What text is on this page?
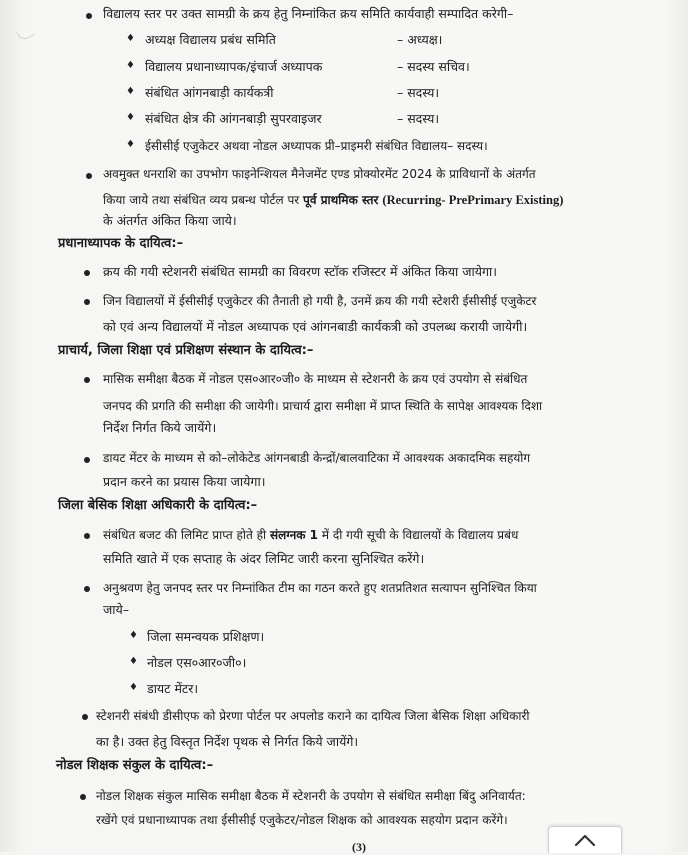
विद्यालय स्तर पर उक्त सामग्री के क्रय हेतु निम्नांकित क्रय समिति कार्यवाही सम्पादित करेगी–
♦ अध्यक्ष विद्यालय प्रबंध समिति	– अध्यक्ष।
♦ विद्यालय प्रधानाध्यापक/इंचार्ज अध्यापक	– सदस्य सचिव।
♦ संबंधित आंगनबाड़ी कार्यकत्री	– सदस्य।
♦ संबंधित क्षेत्र की आंगनबाड़ी सुपरवाइजर	– सदस्य।
♦ ईसीसीई एजुकेटर अथवा नोडल अध्यापक प्री–प्राइमरी संबंधित विद्यालय– सदस्य।
अवमुक्त धनराशि का उपभोग फाइनेन्शियल मैनेजमेंट एण्ड प्रोक्योरमेंट 2024 के प्राविधानों के अंतर्गत
किया जाये तथा संबंधित व्यय प्रबन्ध पोर्टल पर पूर्व प्राथमिक स्तर (Recurring- PrePrimary Existing)
के अंतर्गत अंकित किया जाये।
प्रधानाध्यापक के दायित्व:–
क्रय की गयी स्टेशनरी संबंधित सामग्री का विवरण स्टॉक रजिस्टर में अंकित किया जायेगा।
जिन विद्यालयों में ईसीसीई एजुकेटर की तैनाती हो गयी है, उनमें क्रय की गयी स्टेशरी ईसीसीई एजुकेटर
को एवं अन्य विद्यालयों में नोडल अध्यापक एवं आंगनबाडी कार्यकत्री को उपलब्ध करायी जायेगी।
प्राचार्य, जिला शिक्षा एवं प्रशिक्षण संस्थान के दायित्व:–
मासिक समीक्षा बैठक में नोडल एस०आर०जी० के माध्यम से स्टेशनरी के क्रय एवं उपयोग से संबंधित
जनपद की प्रगति की समीक्षा की जायेगी। प्राचार्य द्वारा समीक्षा में प्राप्त स्थिति के सापेक्ष आवश्यक दिशा
निर्देश निर्गत किये जायेंगे।
डायट मेंटर के माध्यम से को–लोकेटेड आंगनबाडी केन्द्रों/बालवाटिका में आवश्यक अकादमिक सहयोग
प्रदान करने का प्रयास किया जायेगा।
जिला बेसिक शिक्षा अधिकारी के दायित्व:–
संबंधित बजट की लिमिट प्राप्त होते ही संलग्नक 1 में दी गयी सूची के विद्यालयों के विद्यालय प्रबंध
समिति खाते में एक सप्ताह के अंदर लिमिट जारी करना सुनिश्चित करेंगे।
अनुश्रवण हेतु जनपद स्तर पर निम्नांकित टीम का गठन करते हुए शतप्रतिशत सत्यापन सुनिश्चित किया
जाये–
♦ जिला समन्वयक प्रशिक्षण।
♦ नोडल एस०आर०जी०।
♦ डायट मेंटर।
स्टेशनरी संबंधी डीसीएफ को प्रेरणा पोर्टल पर अपलोड कराने का दायित्व जिला बेसिक शिक्षा अधिकारी
का है। उक्त हेतु विस्तृत निर्देश पृथक से निर्गत किये जायेंगे।
नोडल शिक्षक संकुल के दायित्व:–
नोडल शिक्षक संकुल मासिक समीक्षा बैठक में स्टेशनरी के उपयोग से संबंधित समीक्षा बिंदु अनिवार्यत:
रखेंगे एवं प्रधानाध्यापक तथा ईसीसीई एजुकेटर/नोडल शिक्षक को आवश्यक सहयोग प्रदान करेंगे।
(3)
